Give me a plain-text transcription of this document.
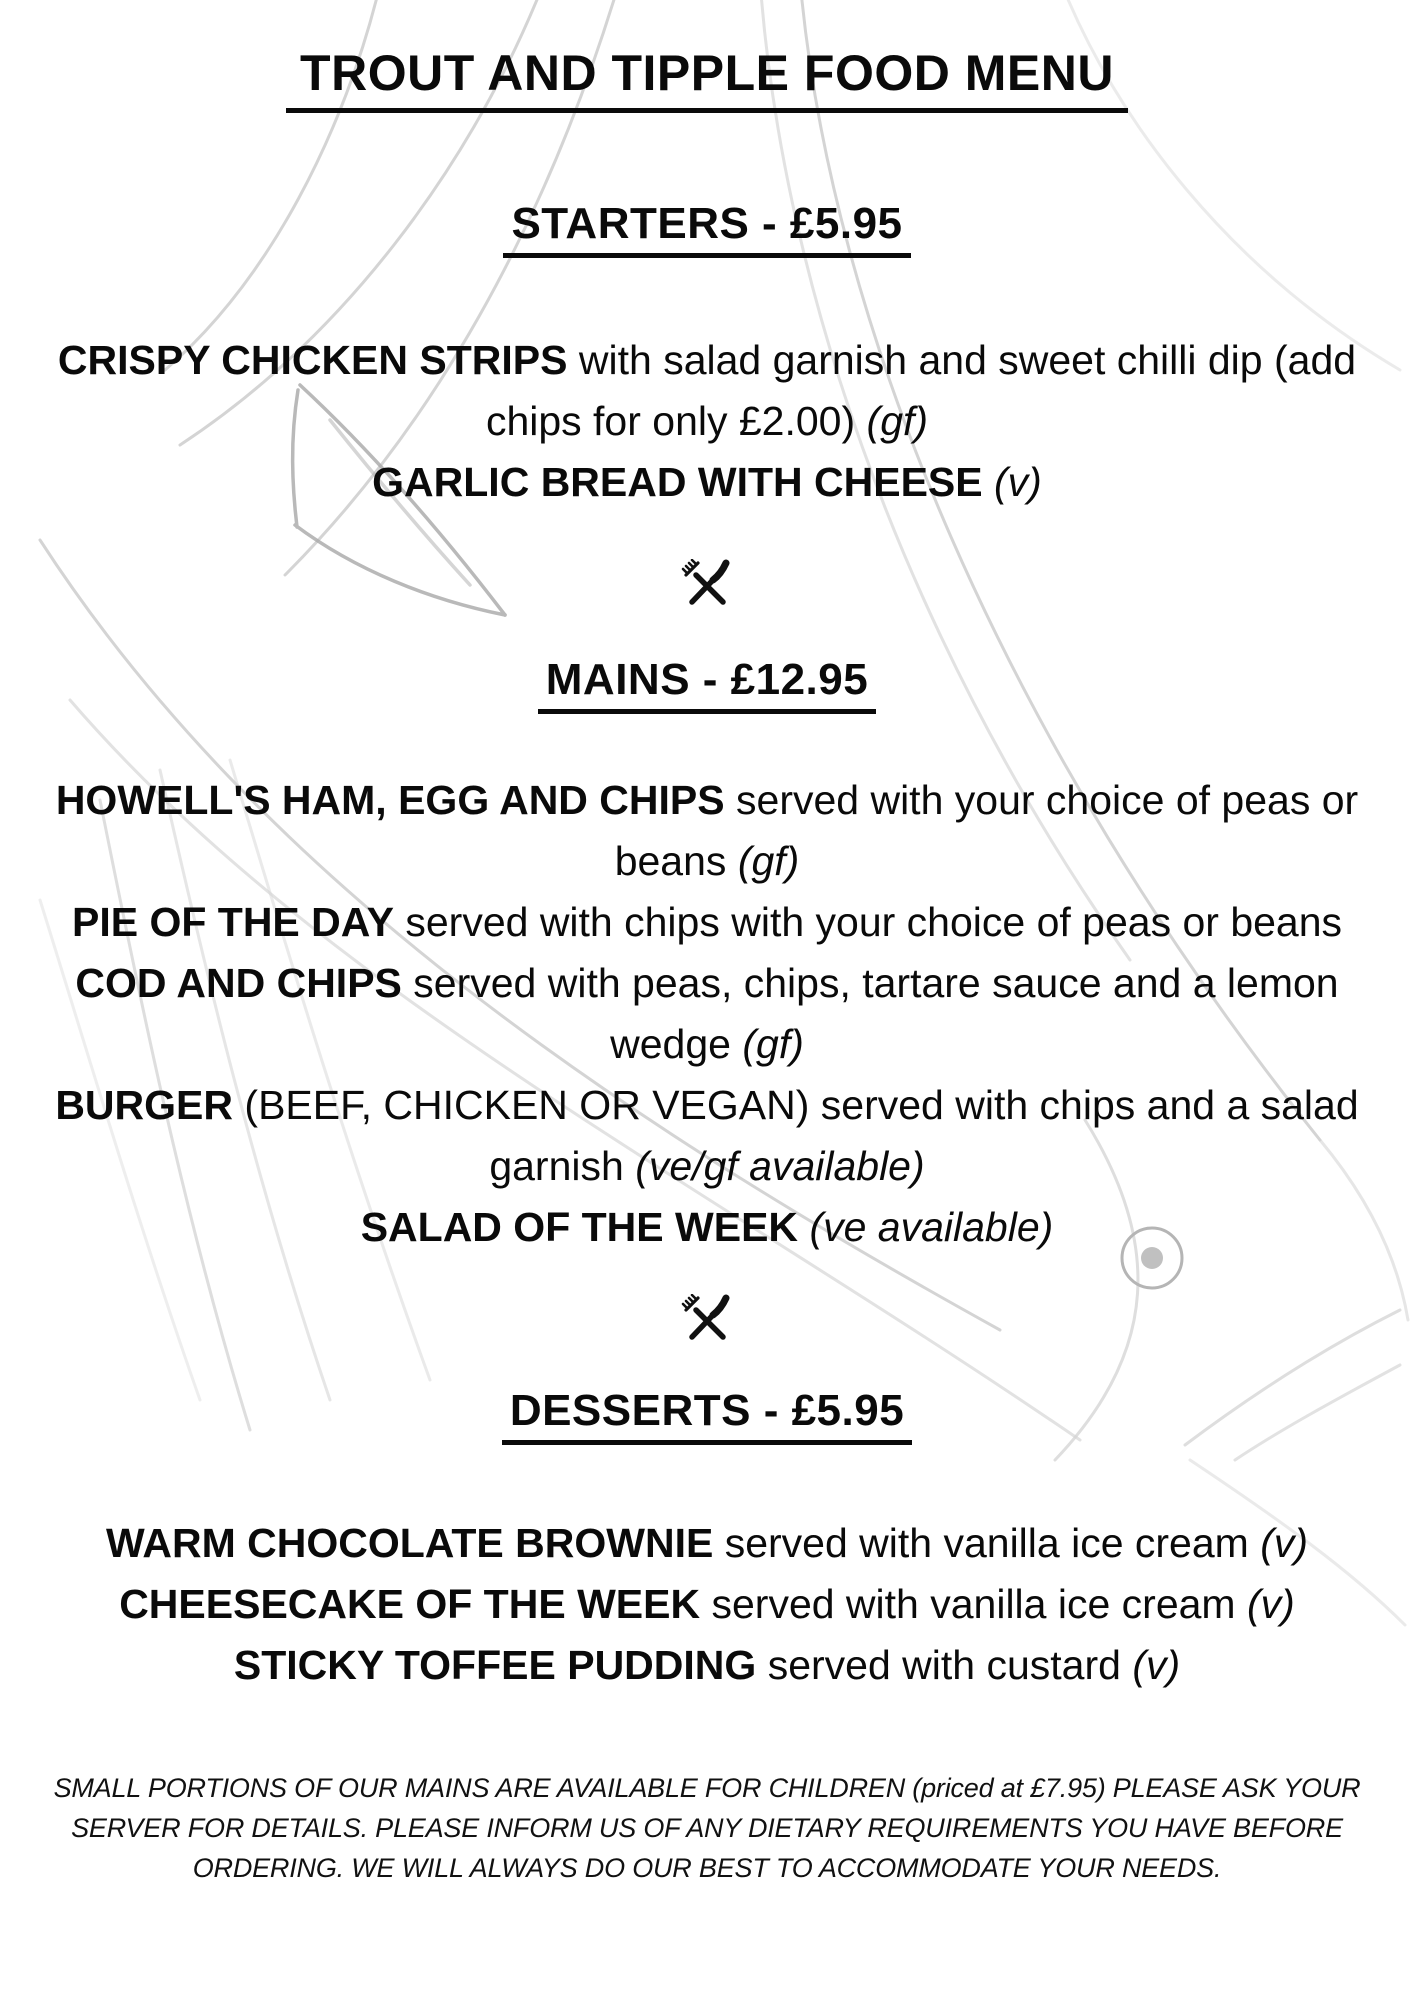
TROUT AND TIPPLE FOOD MENU
STARTERS - £5.95

CRISPY CHICKEN STRIPS with salad garnish and sweet chilli dip (add chips for only £2.00) (gf)

GARLIC BREAD WITH CHEESE (v)

MAINS - £12.95

HOWELL'S HAM, EGG AND CHIPS served with your choice of peas or beans (gf)

PIE OF THE DAY served with chips with your choice of peas or beans

COD AND CHIPS served with peas, chips, tartare sauce and a lemon wedge (gf)

BURGER (BEEF, CHICKEN OR VEGAN) served with chips and a salad garnish (ve/gf available)

SALAD OF THE WEEK (ve available)

DESSERTS - £5.95

WARM CHOCOLATE BROWNIE served with vanilla ice cream (v)

CHEESECAKE OF THE WEEK served with vanilla ice cream (v)

STICKY TOFFEE PUDDING served with custard (v)

SMALL PORTIONS OF OUR MAINS ARE AVAILABLE FOR CHILDREN (priced at £7.95) PLEASE ASK YOUR SERVER FOR DETAILS. PLEASE INFORM US OF ANY DIETARY REQUIREMENTS YOU HAVE BEFORE ORDERING. WE WILL ALWAYS DO OUR BEST TO ACCOMMODATE YOUR NEEDS.
